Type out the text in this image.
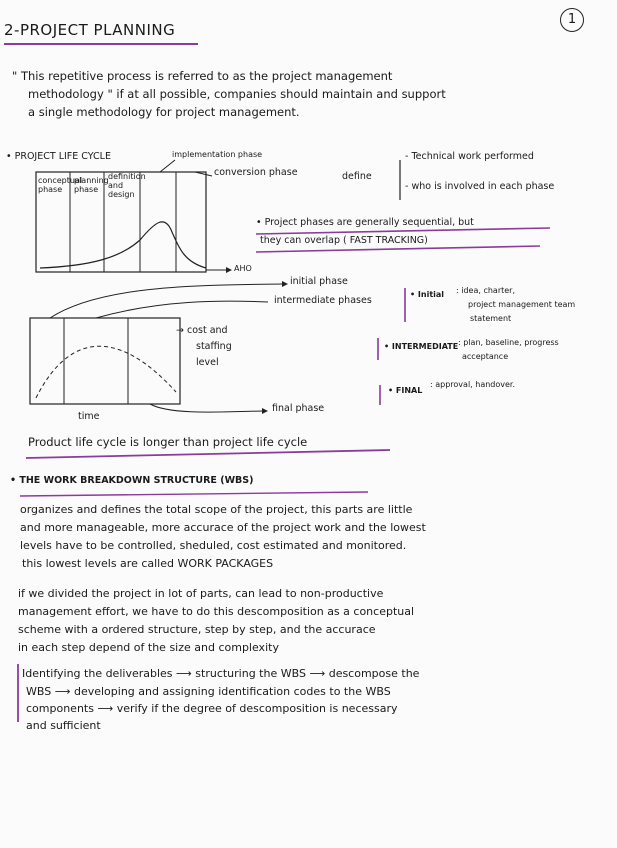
2-PROJECT PLANNING
1
" This repetitive process is referred to as the project management
methodology " if at all possible, companies should maintain and support
a single methodology for project management.
• PROJECT LIFE CYCLE
conceptual phase
planning phase
definition and design
implementation phase
conversion phase
AHO
define
- Technical work performed
- who is involved in each phase
• Project phases are generally sequential, but
they can overlap ( FAST TRACKING)
initial phase
intermediate phases
final phase
→ cost and
staffing
level
time
• Initial : idea, charter,
project management team
statement
• INTERMEDIATE : plan, baseline, progress
acceptance
• FINAL
: approval, handover.
Product life cycle is longer than project life cycle
• THE WORK BREAKDOWN STRUCTURE (WBS)
organizes and defines the total scope of the project, this parts are little
and more manageable, more accurace of the project work and the lowest
levels have to be controlled, sheduled, cost estimated and monitored.
this lowest levels are called WORK PACKAGES
if we divided the project in lot of parts, can lead to non-productive
management effort, we have to do this descomposition as a conceptual
scheme with a ordered structure, step by step, and the accurace
in each step depend of the size and complexity
Identifying the deliverables ⟶ structuring the WBS ⟶ descompose the
WBS ⟶ developing and assigning identification codes to the WBS
components ⟶ verify if the degree of descomposition is necessary
and sufficient
